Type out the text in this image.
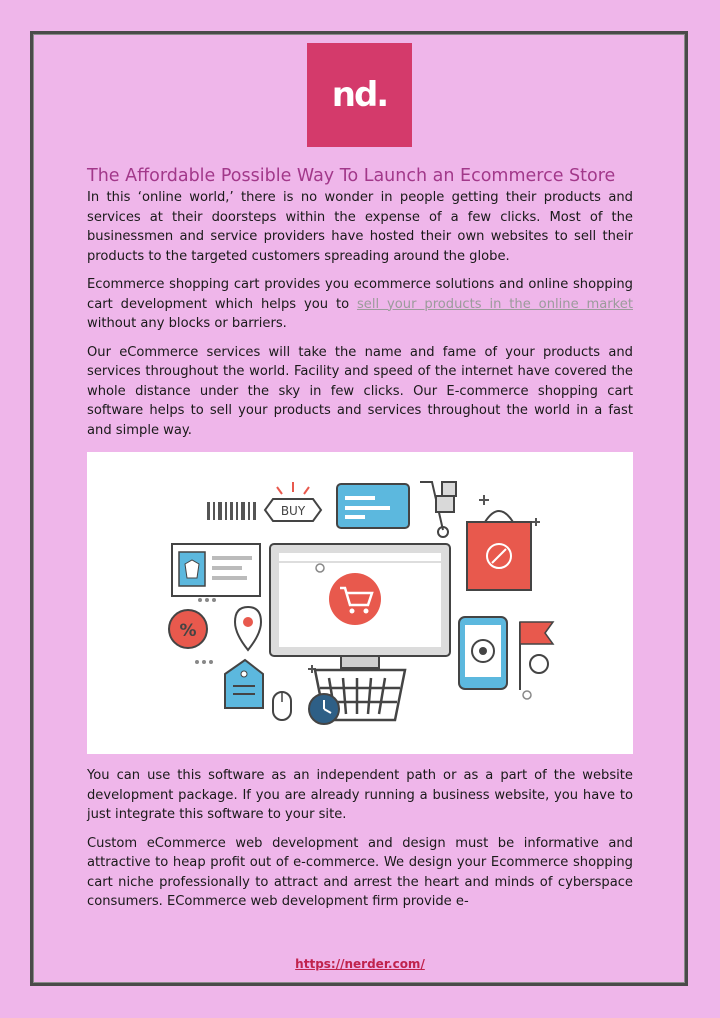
nd.
The Affordable Possible Way To Launch an Ecommerce Store

In this ‘online world,’ there is no wonder in people getting their products and services at their doorsteps within the expense of a few clicks. Most of the businessmen and service providers have hosted their own websites to sell their products to the targeted customers spreading around the globe.

Ecommerce shopping cart provides you ecommerce solutions and online shopping cart development which helps you to sell your products in the online market without any blocks or barriers.

Our eCommerce services will take the name and fame of your products and services throughout the world. Facility and speed of the internet have covered the whole distance under the sky in few clicks. Our E-commerce shopping cart software helps to sell your products and services throughout the world in a fast and simple way.

BUY
%

You can use this software as an independent path or as a part of the website development package. If you are already running a business website, you have to just integrate this software to your site.

Custom eCommerce web development and design must be informative and attractive to heap profit out of e-commerce. We design your Ecommerce shopping cart niche professionally to attract and arrest the heart and minds of cyberspace consumers. ECommerce web development firm provide e-

https://nerder.com/
